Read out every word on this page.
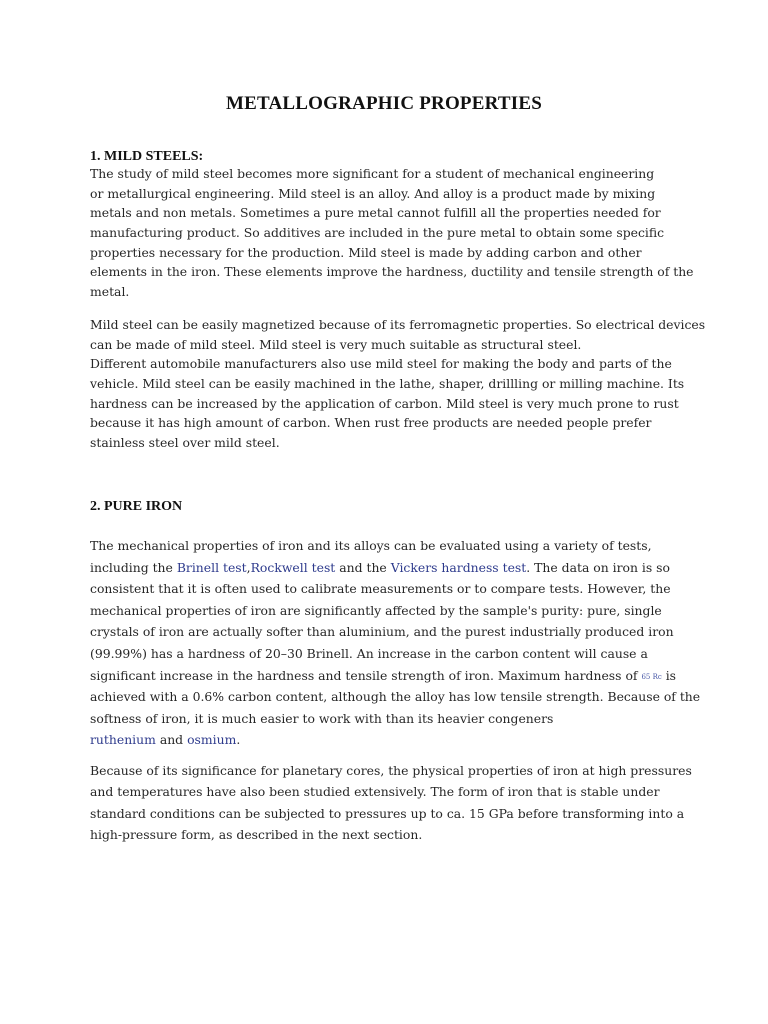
METALLOGRAPHIC PROPERTIES
1. MILD STEELS:
The study of mild steel becomes more significant for a student of mechanical engineering
or metallurgical engineering. Mild steel is an alloy. And alloy is a product made by mixing
metals and non metals. Sometimes a pure metal cannot fulfill all the properties needed for
manufacturing product. So additives are included in the pure metal to obtain some specific
properties necessary for the production. Mild steel is made by adding carbon and other
elements in the iron. These elements improve the hardness, ductility and tensile strength of the
metal.
Mild steel can be easily magnetized because of its ferromagnetic properties. So electrical devices
can be made of mild steel. Mild steel is very much suitable as structural steel.
Different automobile manufacturers also use mild steel for making the body and parts of the
vehicle. Mild steel can be easily machined in the lathe, shaper, drillling or milling machine. Its
hardness can be increased by the application of carbon. Mild steel is very much prone to rust
because it has high amount of carbon. When rust free products are needed people prefer
stainless steel over mild steel.
2. PURE IRON
The mechanical properties of iron and its alloys can be evaluated using a variety of tests,
including the Brinell test,Rockwell test and the Vickers hardness test. The data on iron is so
consistent that it is often used to calibrate measurements or to compare tests. However, the
mechanical properties of iron are significantly affected by the sample's purity: pure, single
crystals of iron are actually softer than aluminium, and the purest industrially produced iron
(99.99%) has a hardness of 20–30 Brinell. An increase in the carbon content will cause a
significant increase in the hardness and tensile strength of iron. Maximum hardness of 65 Rc is
achieved with a 0.6% carbon content, although the alloy has low tensile strength. Because of the
softness of iron, it is much easier to work with than its heavier congeners
ruthenium and osmium.
Because of its significance for planetary cores, the physical properties of iron at high pressures
and temperatures have also been studied extensively. The form of iron that is stable under
standard conditions can be subjected to pressures up to ca. 15 GPa before transforming into a
high-pressure form, as described in the next section.
